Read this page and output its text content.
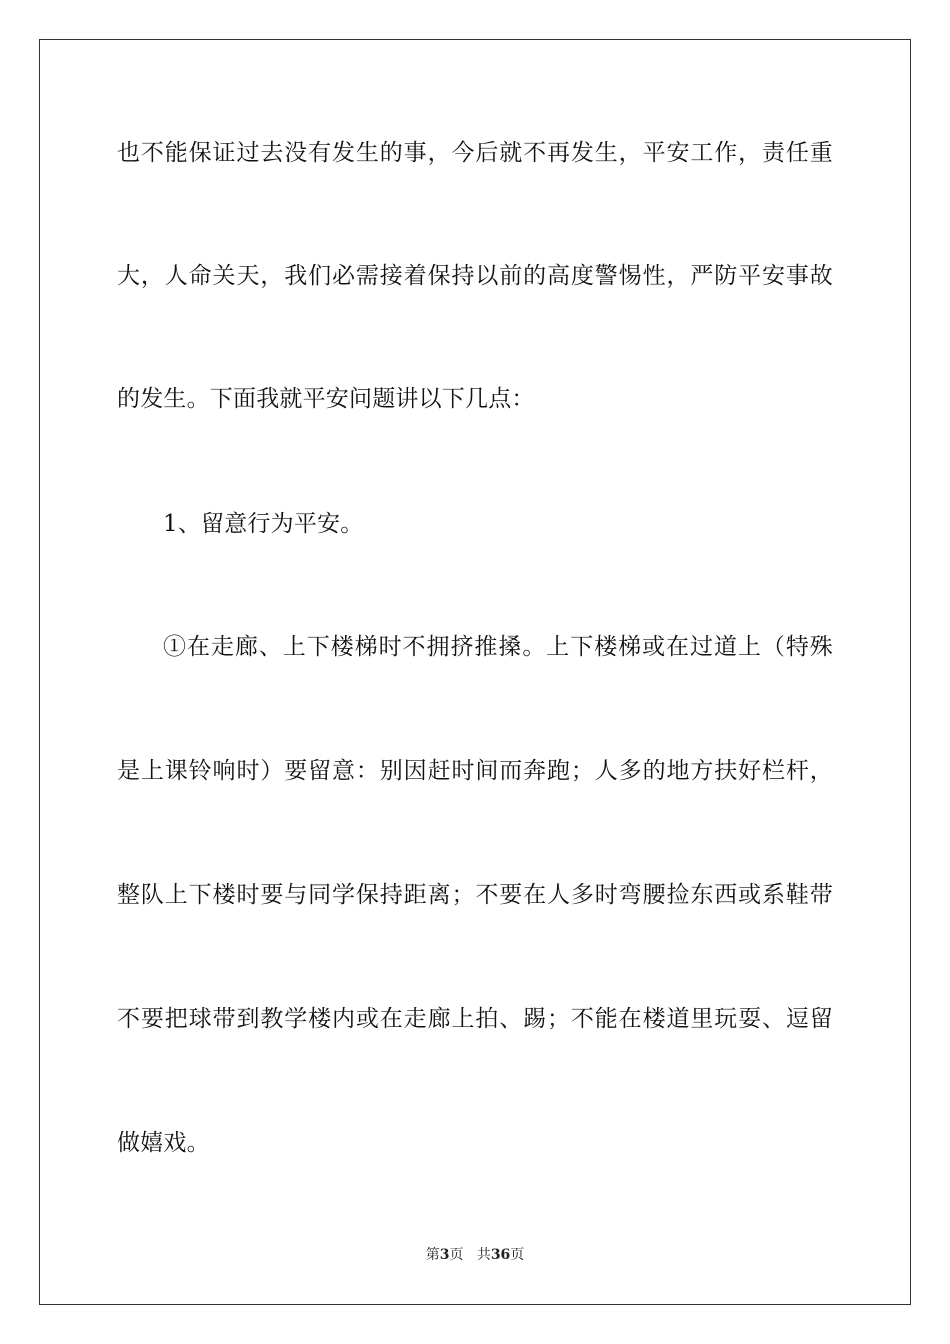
也不能保证过去没有发生的事，今后就不再发生，平安工作，责任重
大，人命关天，我们必需接着保持以前的高度警惕性，严防平安事故
的发生。下面我就平安问题讲以下几点：
1、留意行为平安。
①在走廊、上下楼梯时不拥挤推搡。上下楼梯或在过道上（特殊
是上课铃响时）要留意：别因赶时间而奔跑；人多的地方扶好栏杆，
整队上下楼时要与同学保持距离；不要在人多时弯腰捡东西或系鞋带
不要把球带到教学楼内或在走廊上拍、踢；不能在楼道里玩耍、逗留
做嬉戏。
第3页 共36页
